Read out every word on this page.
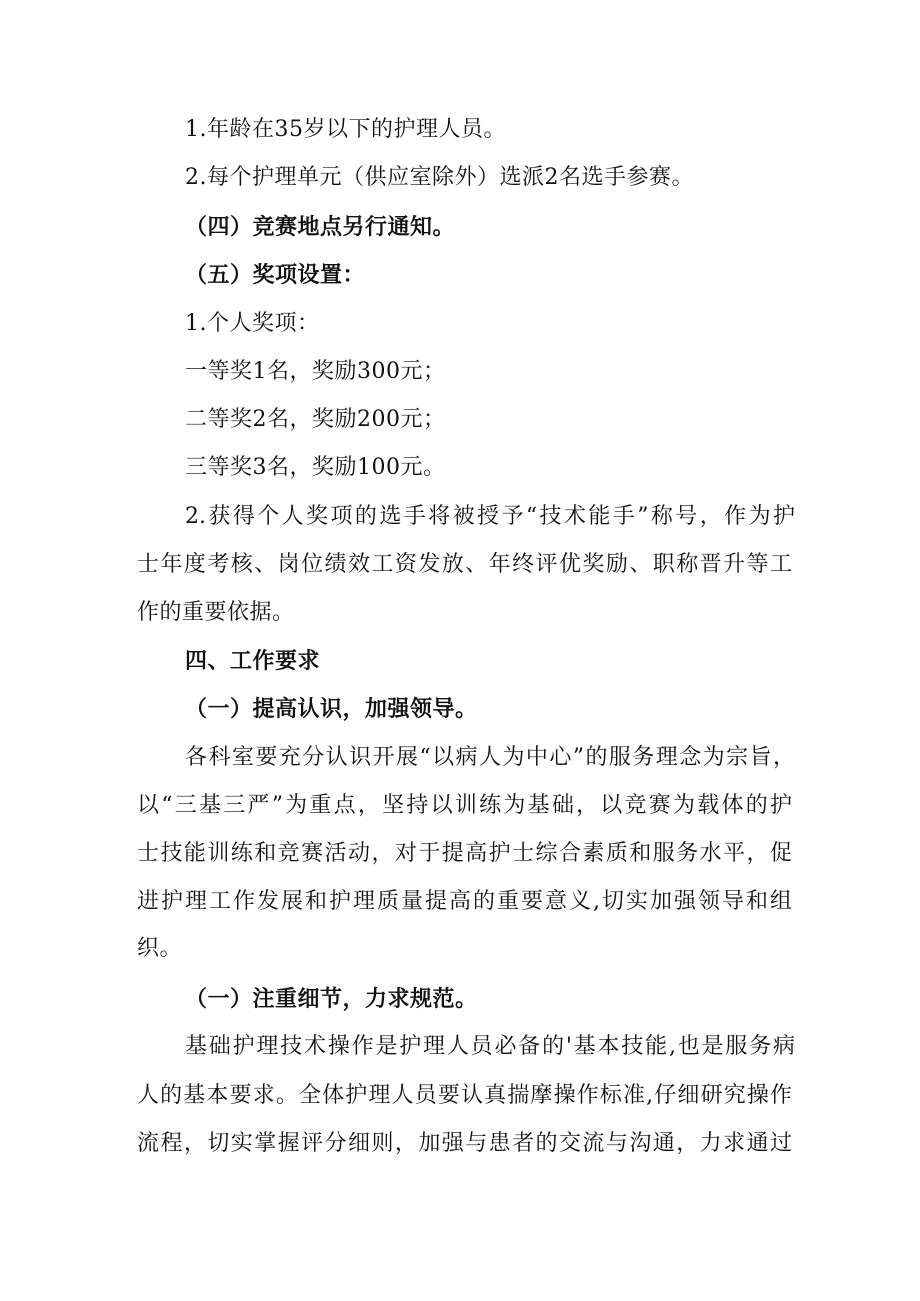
1.年龄在35岁以下的护理人员。
2.每个护理单元（供应室除外）选派2名选手参赛。
（四）竞赛地点另行通知。
（五）奖项设置：
1.个人奖项：
一等奖1名，奖励300元；
二等奖2名，奖励200元；
三等奖3名，奖励100元。
2.获得个人奖项的选手将被授予“技术能手”称号，作为护
士年度考核、岗位绩效工资发放、年终评优奖励、职称晋升等工
作的重要依据。
四、工作要求
（一）提高认识，加强领导。
各科室要充分认识开展“以病人为中心”的服务理念为宗旨，
以“三基三严”为重点，坚持以训练为基础，以竞赛为载体的护
士技能训练和竞赛活动，对于提高护士综合素质和服务水平，促
进护理工作发展和护理质量提高的重要意义,切实加强领导和组
织。
（一）注重细节，力求规范。
基础护理技术操作是护理人员必备的'基本技能,也是服务病
人的基本要求。全体护理人员要认真揣摩操作标准,仔细研究操作
流程，切实掌握评分细则，加强与患者的交流与沟通，力求通过
